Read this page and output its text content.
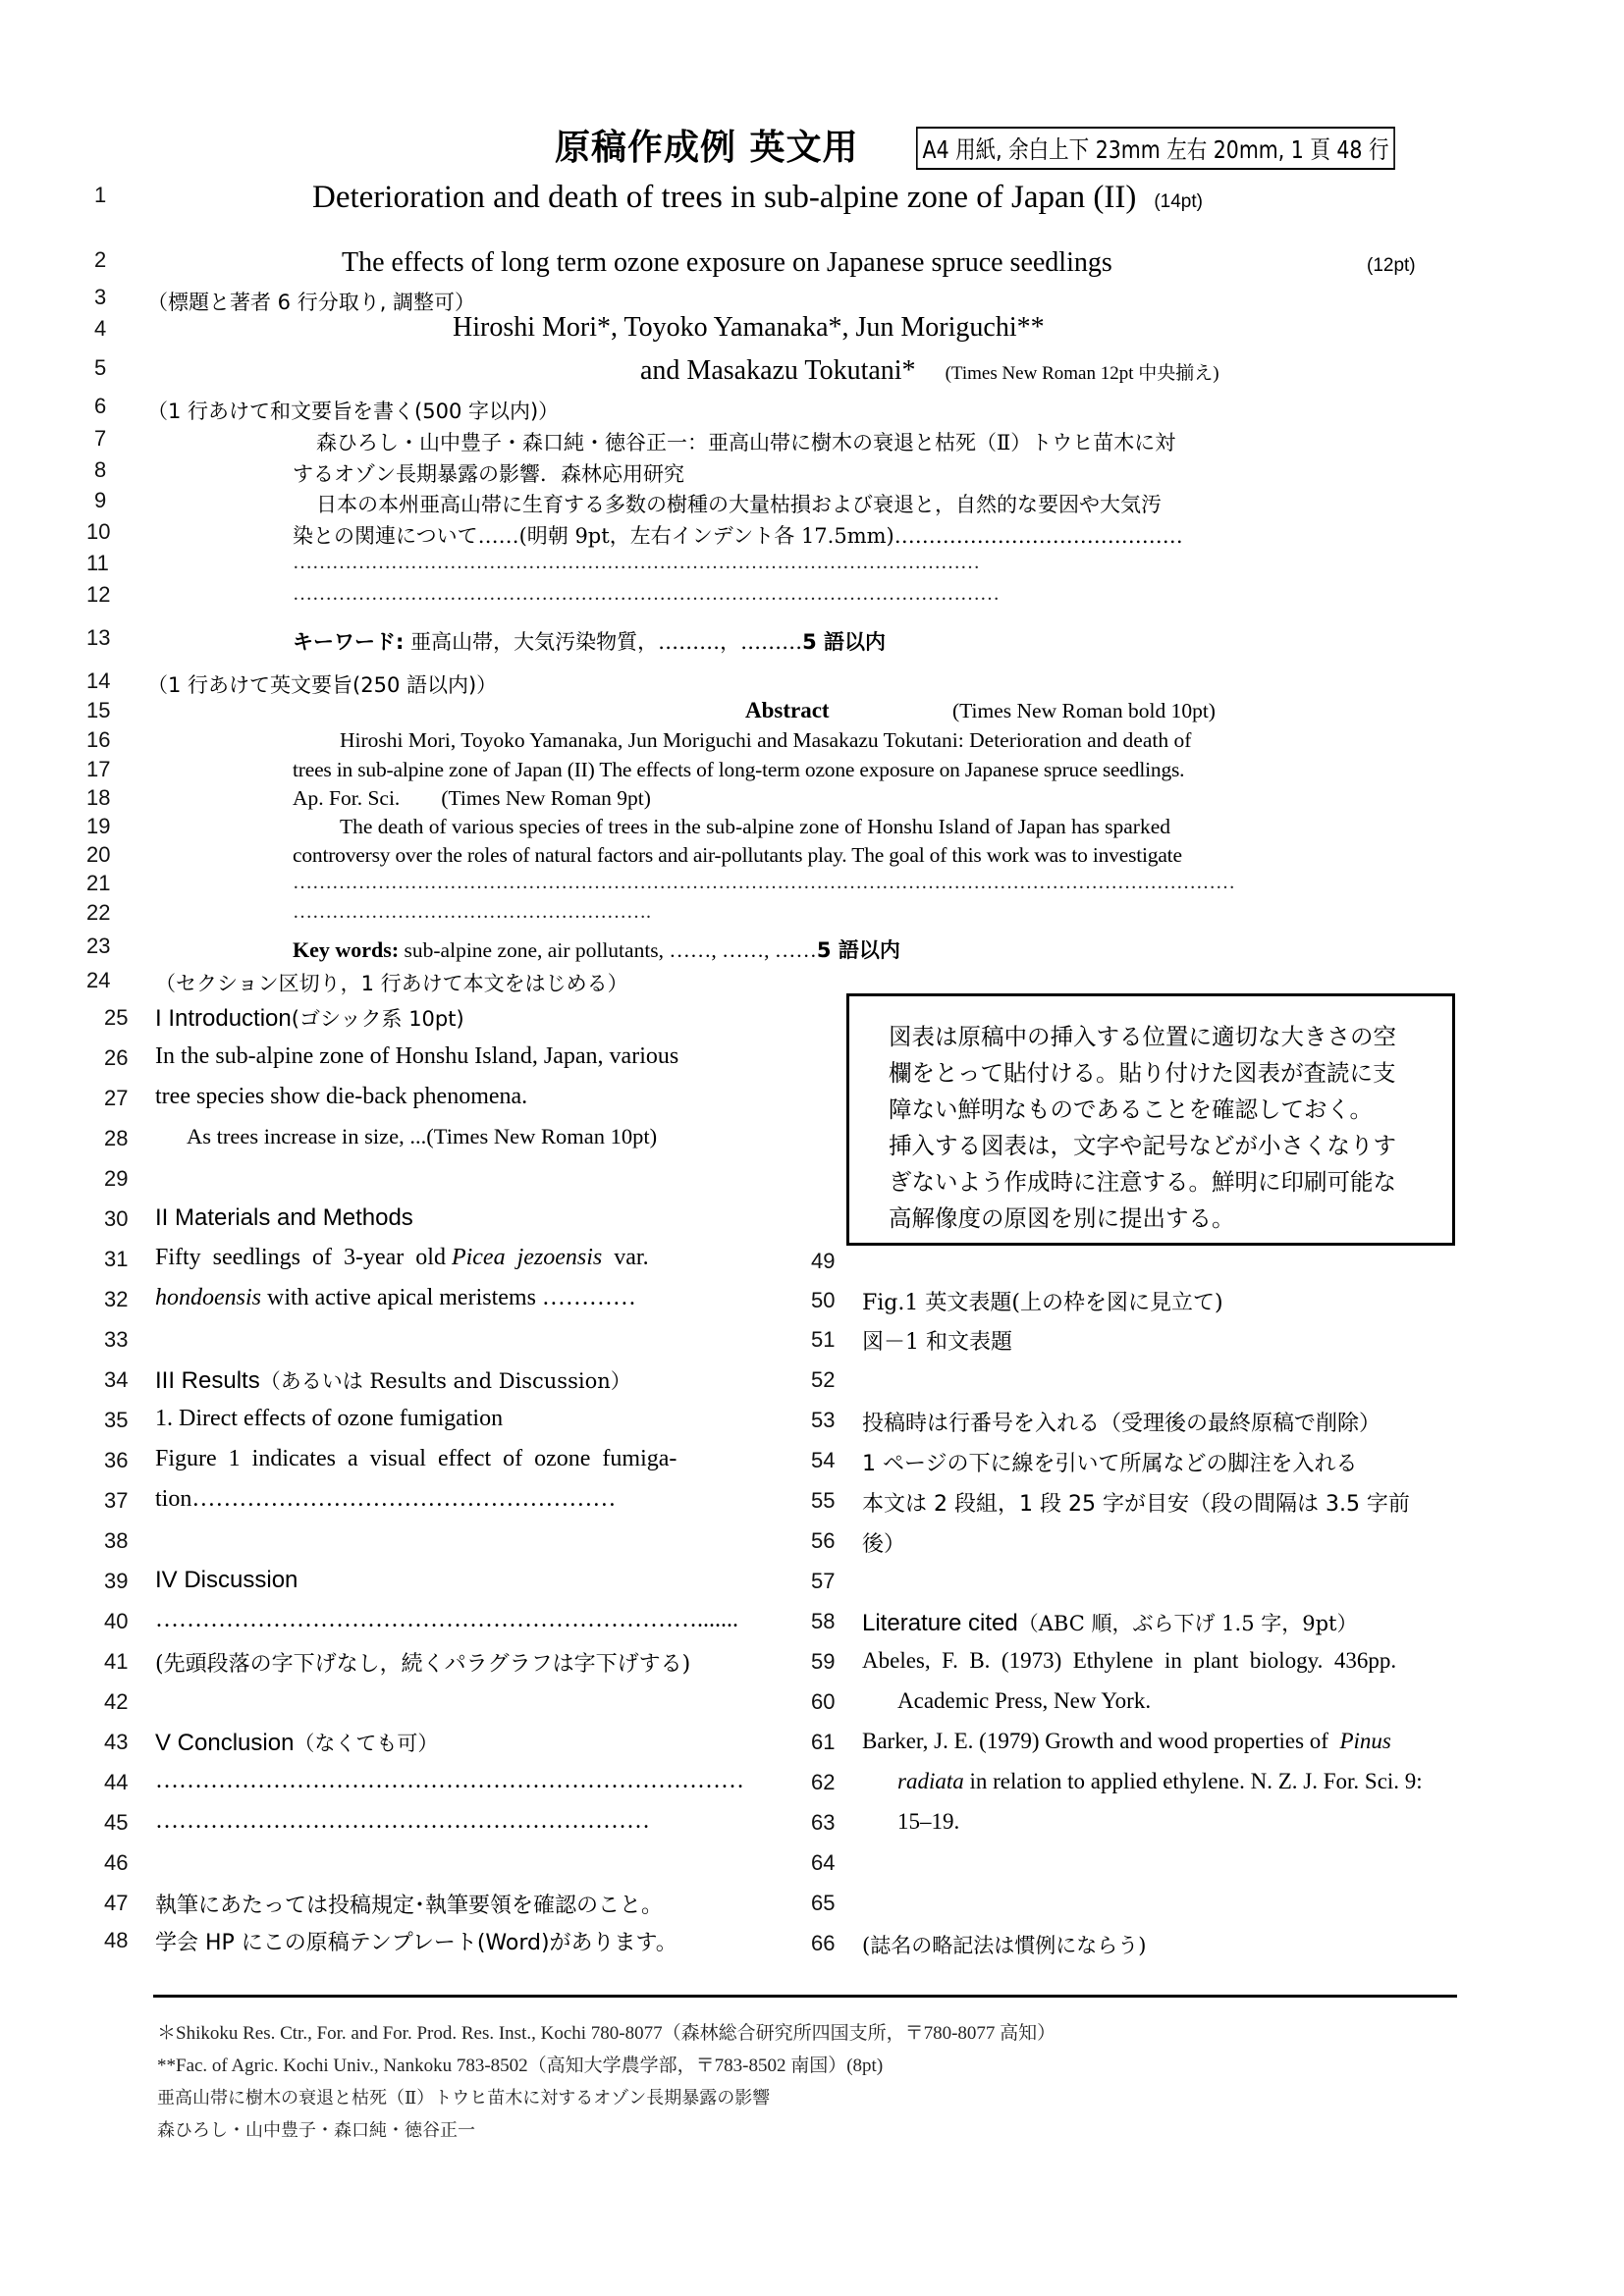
原稿作成例 英文用	A4 用紙, 余白上下 23mm 左右 20mm, 1 頁 48 行
1
2
3
4
5
6
7
8
9
10
11
12
13
14
15
16
17
18
19
20
21
22
23
24
25
26
27
28
29
30
31
32
33
34
35
36
37
38
39
40
41
42
43
44
45
46
47
48
49
50
51
52
53
54
55
56
57
58
59
60
61
62
63
64
65
66
Deterioration and death of trees in sub-alpine zone of Japan (II) (14pt)
The effects of long term ozone exposure on Japanese spruce seedlings	(12pt)
（標題と著者 6 行分取り, 調整可）
Hiroshi Mori*, Toyoko Yamanaka*, Jun Moriguchi**
and Masakazu Tokutani* (Times New Roman 12pt 中央揃え)
（1 行あけて和文要旨を書く(500 字以内)）
森ひろし・山中豊子・森口純・徳谷正一：亜高山帯に樹木の衰退と枯死（Ⅱ）トウヒ苗木に対
するオゾン長期暴露の影響．森林応用研究
日本の本州亜高山帯に生育する多数の樹種の大量枯損および衰退と，自然的な要因や大気汚
染との関連について……(明朝 9pt，左右インデント各 17.5mm)……………………………………
……………………………………………………………………………………………
………………………………………………………………………………………………
キーワード: 亜高山帯，大気汚染物質，………，………5 語以内
（1 行あけて英文要旨(250 語以内)）
Abstract	(Times New Roman bold 10pt)
Hiroshi Mori, Toyoko Yamanaka, Jun Moriguchi and Masakazu Tokutani: Deterioration and death of
trees in sub-alpine zone of Japan (II) The effects of long-term ozone exposure on Japanese spruce seedlings.
Ap. For. Sci. (Times New Roman 9pt)
The death of various species of trees in the sub-alpine zone of Honshu Island of Japan has sparked
controversy over the roles of natural factors and air-pollutants play. The goal of this work was to investigate
………………………………………………………………………………………………………………………………
……………………………………………….
Key words: sub-alpine zone, air pollutants, ……, ……, ……5 語以内
（セクション区切り，1 行あけて本文をはじめる）
I Introduction(ゴシック系 10pt)
In the sub-alpine zone of Honshu Island, Japan, various
tree species show die-back phenomena.
As trees increase in size, ...(Times New Roman 10pt)
II Materials and Methods
Fifty  seedlings  of  3-year  old Picea  jezoensis  var.
hondoensis with active apical meristems …………
III Results（あるいは Results and Discussion）
1. Direct effects of ozone fumigation
Figure  1  indicates  a  visual  effect  of  ozone  fumiga-
tion………………………………………………
IV Discussion
…………………………………………………………….......
(先頭段落の字下げなし，続くパラグラフは字下げする)
V Conclusion（なくても可）
…………………………………………………………………
………………………………………………………
執筆にあたっては投稿規定･執筆要領を確認のこと。
学会 HP にこの原稿テンプレート(Word)があります。
図表は原稿中の挿入する位置に適切な大きさの空
欄をとって貼付ける。貼り付けた図表が査読に支
障ない鮮明なものであることを確認しておく。
挿入する図表は，文字や記号などが小さくなりす
ぎないよう作成時に注意する。鮮明に印刷可能な
高解像度の原図を別に提出する。
Fig.1 英文表題(上の枠を図に見立て)
図－1 和文表題
投稿時は行番号を入れる（受理後の最終原稿で削除）
1 ページの下に線を引いて所属などの脚注を入れる
本文は 2 段組，1 段 25 字が目安（段の間隔は 3.5 字前
後）
Literature cited（ABC 順，ぶら下げ 1.5 字，9pt）
Abeles,  F.  B.  (1973)  Ethylene  in  plant  biology.  436pp.
Academic Press, New York.
Barker, J. E. (1979) Growth and wood properties of  Pinus
radiata in relation to applied ethylene. N. Z. J. For. Sci. 9:
15–19.
(誌名の略記法は慣例にならう)
＊Shikoku Res. Ctr., For. and For. Prod. Res. Inst., Kochi 780-8077（森林総合研究所四国支所，〒780-8077 高知）
**Fac. of Agric. Kochi Univ., Nankoku 783-8502（高知大学農学部，〒783-8502 南国）(8pt)
亜高山帯に樹木の衰退と枯死（Ⅱ）トウヒ苗木に対するオゾン長期暴露の影響
森ひろし・山中豊子・森口純・徳谷正一
